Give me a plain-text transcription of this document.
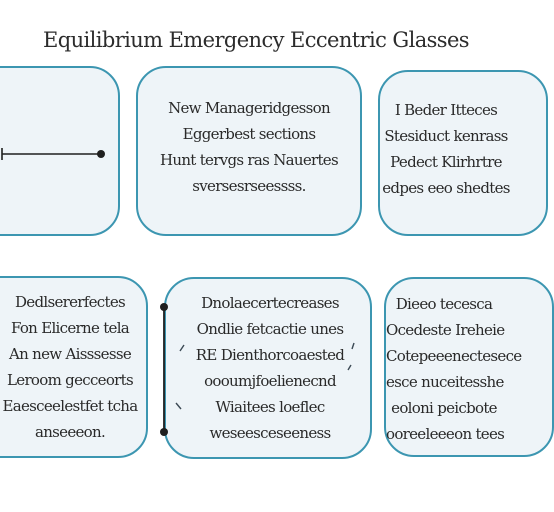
Equilibrium Emergency Eccentric Glasses
New Manageridgesson
Eggerbest sections
Hunt tervgs ras Nauertes
sversesrseessss.
I Beder Itteces
Stesiduct kenrass
Pedect Klirhrtre
edpes eeo shedtes
Dedlsererfectes
Fon Elicerne tela
An new Aisssesse
Leroom gecceorts
Eaesceelestfet tcha
anseeeon.
Dnolaecertecreases
Ondlie fetcactie unes
RE Dienthorcoaested
oooumjfoelienecnd
Wiaitees loeflec
weseesceseeness
Dieeo tecesca
Ocedeste Ireheie
Cotepeeenectesece
esce nuceitesshe
eoloni peicbote
ooreeleeeon tees
